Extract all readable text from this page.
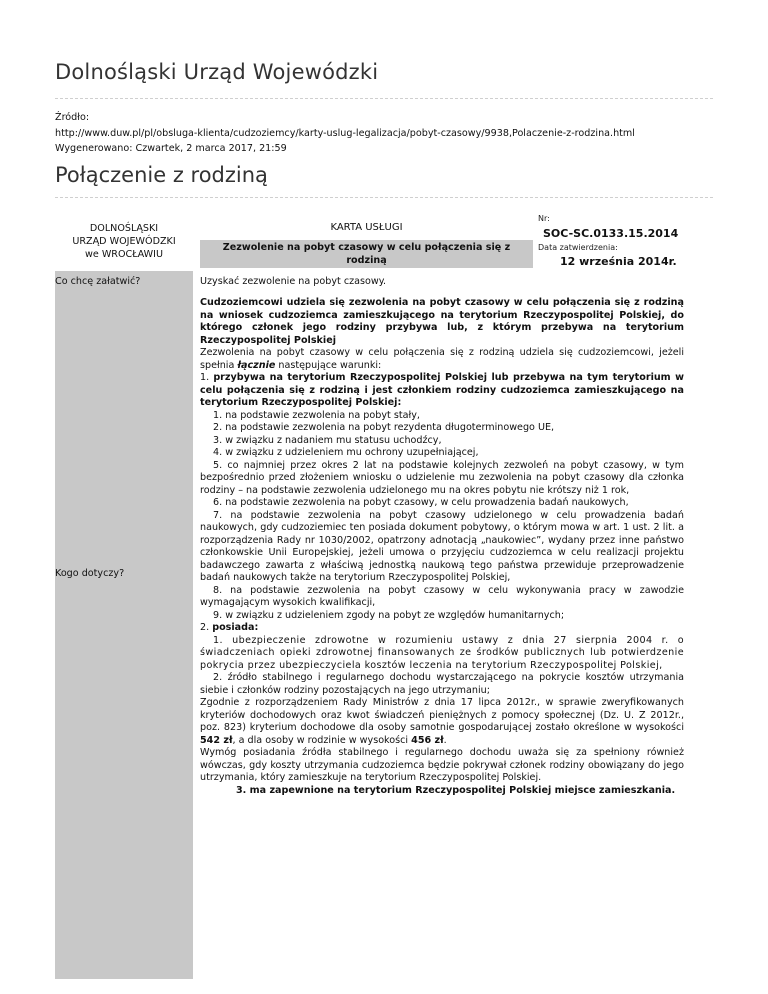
Dolnośląski Urząd Wojewódzki
Źródło:
http://www.duw.pl/pl/obsluga-klienta/cudzoziemcy/karty-uslug-legalizacja/pobyt-czasowy/9938,Polaczenie-z-rodzina.html
Wygenerowano: Czwartek, 2 marca 2017, 21:59
Połączenie z rodziną
DOLNOŚLĄSKI
URZĄD WOJEWÓDZKI
we WROCŁAWIU
KARTA USŁUGI
Zezwolenie na pobyt czasowy w celu połączenia się z rodziną
Nr:
SOC-SC.0133.15.2014
Data zatwierdzenia:
12 września 2014r.
Co chcę załatwić?
Kogo dotyczy?
Uzyskać zezwolenie na pobyt czasowy.

Cudzoziemcowi udziela się zezwolenia na pobyt czasowy w celu połączenia się z rodziną na wniosek cudzoziemca zamieszkującego na terytorium Rzeczypospolitej Polskiej, do którego członek jego rodziny przybywa lub, z którym przebywa na terytorium Rzeczypospolitej Polskiej

Zezwolenia na pobyt czasowy w celu połączenia się z rodziną udziela się cudzoziemcowi, jeżeli spełnia łącznie następujące warunki:

1. przybywa na terytorium Rzeczypospolitej Polskiej lub przebywa na tym terytorium w celu połączenia się z rodziną i jest członkiem rodziny cudzoziemca zamieszkującego na terytorium Rzeczypospolitej Polskiej:

1. na podstawie zezwolenia na pobyt stały,

2. na podstawie zezwolenia na pobyt rezydenta długoterminowego UE,

3. w związku z nadaniem mu statusu uchodźcy,

4. w związku z udzieleniem mu ochrony uzupełniającej,

5. co najmniej przez okres 2 lat na podstawie kolejnych zezwoleń na pobyt czasowy, w tym bezpośrednio przed złożeniem wniosku o udzielenie mu zezwolenia na pobyt czasowy dla członka rodziny – na podstawie zezwolenia udzielonego mu na okres pobytu nie krótszy niż 1 rok,

6. na podstawie zezwolenia na pobyt czasowy, w celu prowadzenia badań naukowych,

7. na podstawie zezwolenia na pobyt czasowy udzielonego w celu prowadzenia badań naukowych, gdy cudzoziemiec ten posiada dokument pobytowy, o którym mowa w art. 1 ust. 2 lit. a rozporządzenia Rady nr 1030/2002, opatrzony adnotacją „naukowiec”, wydany przez inne państwo członkowskie Unii Europejskiej, jeżeli umowa o przyjęciu cudzoziemca w celu realizacji projektu badawczego zawarta z właściwą jednostką naukową tego państwa przewiduje przeprowadzenie badań naukowych także na terytorium Rzeczypospolitej Polskiej,

8. na podstawie zezwolenia na pobyt czasowy w celu wykonywania pracy w zawodzie wymagającym wysokich kwalifikacji,

9. w związku z udzieleniem zgody na pobyt ze względów humanitarnych;

2. posiada:

1. ubezpieczenie zdrowotne w rozumieniu ustawy z dnia 27 sierpnia 2004 r. o świadczeniach opieki zdrowotnej finansowanych ze środków publicznych lub potwierdzenie pokrycia przez ubezpieczyciela kosztów leczenia na terytorium Rzeczypospolitej Polskiej,

2. źródło stabilnego i regularnego dochodu wystarczającego na pokrycie kosztów utrzymania siebie i członków rodziny pozostających na jego utrzymaniu;

Zgodnie z rozporządzeniem Rady Ministrów z dnia 17 lipca 2012r., w sprawie zweryfikowanych kryteriów dochodowych oraz kwot świadczeń pieniężnych z pomocy społecznej (Dz. U. Z 2012r., poz. 823) kryterium dochodowe dla osoby samotnie gospodarującej zostało określone w wysokości 542 zł, a dla osoby w rodzinie w wysokości 456 zł.

Wymóg posiadania źródła stabilnego i regularnego dochodu uważa się za spełniony również wówczas, gdy koszty utrzymania cudzoziemca będzie pokrywał członek rodziny obowiązany do jego utrzymania, który zamieszkuje na terytorium Rzeczypospolitej Polskiej.

3. ma zapewnione na terytorium Rzeczypospolitej Polskiej miejsce zamieszkania.
